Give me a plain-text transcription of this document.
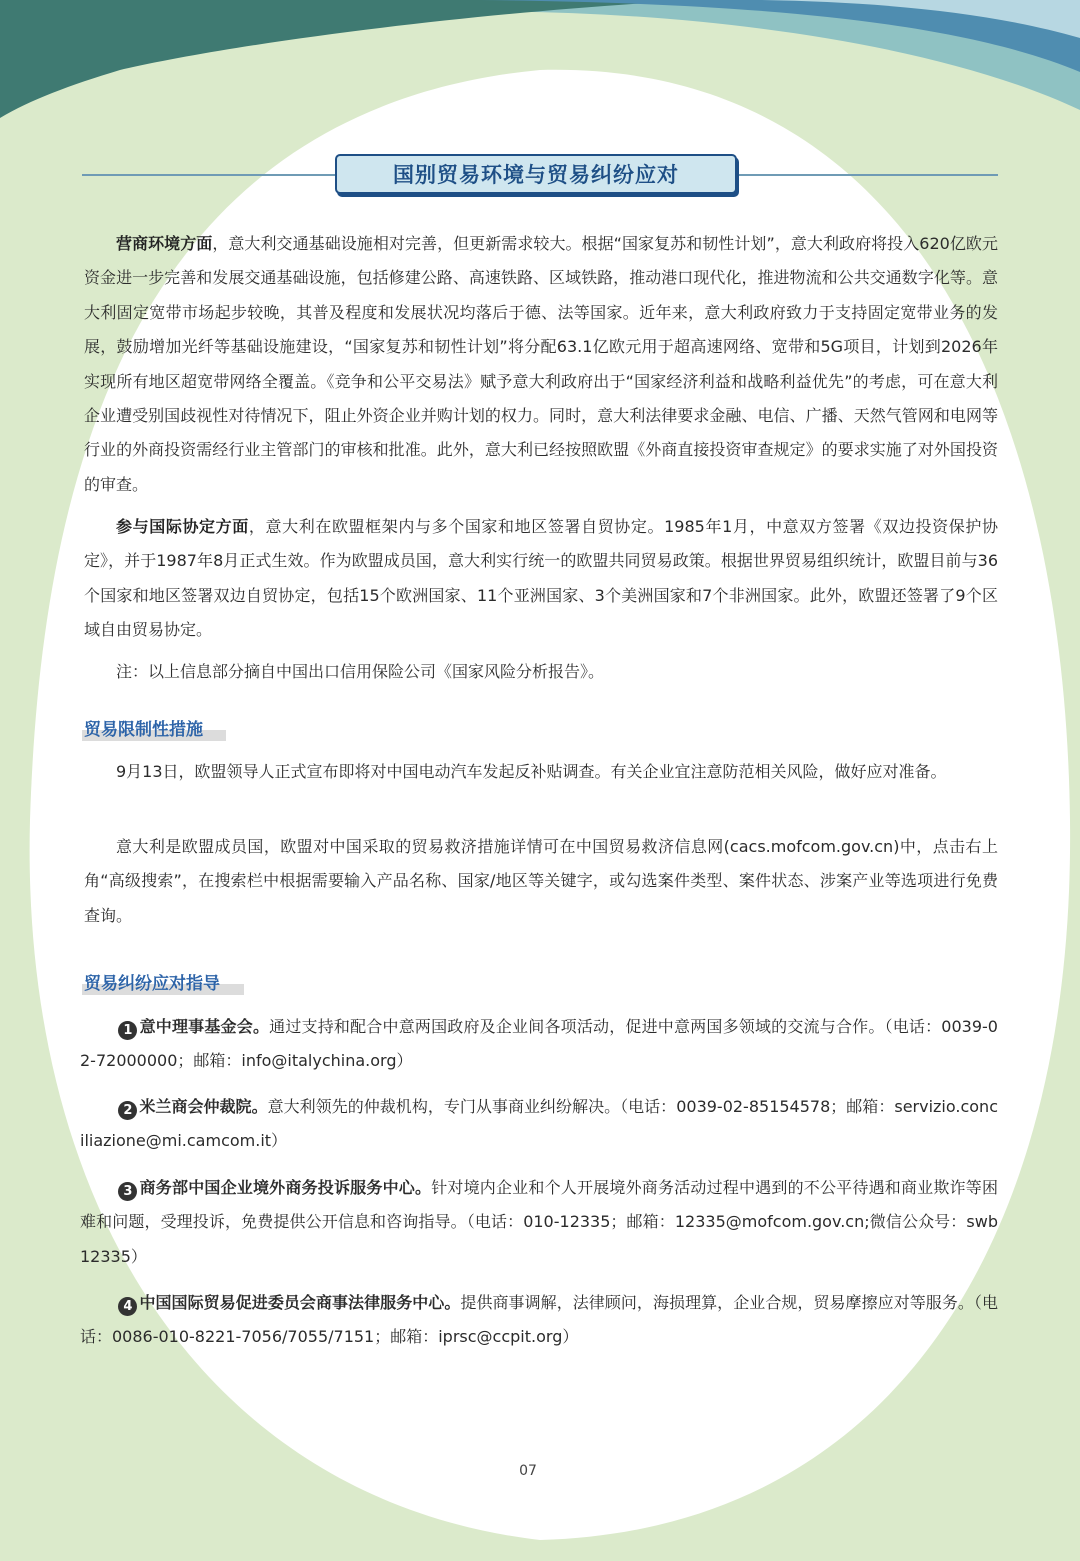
国别贸易环境与贸易纠纷应对

营商环境方面，意大利交通基础设施相对完善，但更新需求较大。根据“国家复苏和韧性计划”，意大利政府将投入620亿欧元资金进一步完善和发展交通基础设施，包括修建公路、高速铁路、区域铁路，推动港口现代化，推进物流和公共交通数字化等。意大利固定宽带市场起步较晚，其普及程度和发展状况均落后于德、法等国家。近年来，意大利政府致力于支持固定宽带业务的发展，鼓励增加光纤等基础设施建设，“国家复苏和韧性计划”将分配63.1亿欧元用于超高速网络、宽带和5G项目，计划到2026年实现所有地区超宽带网络全覆盖。《竞争和公平交易法》赋予意大利政府出于“国家经济利益和战略利益优先”的考虑，可在意大利企业遭受别国歧视性对待情况下，阻止外资企业并购计划的权力。同时，意大利法律要求金融、电信、广播、天然气管网和电网等行业的外商投资需经行业主管部门的审核和批准。此外，意大利已经按照欧盟《外商直接投资审查规定》的要求实施了对外国投资的审查。

参与国际协定方面，意大利在欧盟框架内与多个国家和地区签署自贸协定。1985年1月，中意双方签署《双边投资保护协定》，并于1987年8月正式生效。作为欧盟成员国，意大利实行统一的欧盟共同贸易政策。根据世界贸易组织统计，欧盟目前与36个国家和地区签署双边自贸协定，包括15个欧洲国家、11个亚洲国家、3个美洲国家和7个非洲国家。此外，欧盟还签署了9个区域自由贸易协定。

注：以上信息部分摘自中国出口信用保险公司《国家风险分析报告》。

贸易限制性措施

9月13日，欧盟领导人正式宣布即将对中国电动汽车发起反补贴调查。有关企业宜注意防范相关风险，做好应对准备。

意大利是欧盟成员国，欧盟对中国采取的贸易救济措施详情可在中国贸易救济信息网(cacs.mofcom.gov.cn)中，点击右上角“高级搜索”，在搜索栏中根据需要输入产品名称、国家/地区等关键字，或勾选案件类型、案件状态、涉案产业等选项进行免费查询。

贸易纠纷应对指导

1 意中理事基金会。通过支持和配合中意两国政府及企业间各项活动，促进中意两国多领域的交流与合作。（电话：0039-02-72000000；邮箱：info@italychina.org）

2 米兰商会仲裁院。意大利领先的仲裁机构，专门从事商业纠纷解决。（电话：0039-02-85154578；邮箱：servizio.conciliazione@mi.camcom.it）

3 商务部中国企业境外商务投诉服务中心。针对境内企业和个人开展境外商务活动过程中遇到的不公平待遇和商业欺诈等困难和问题，受理投诉，免费提供公开信息和咨询指导。（电话：010-12335；邮箱：12335@mofcom.gov.cn;微信公众号：swb12335）

4 中国国际贸易促进委员会商事法律服务中心。提供商事调解，法律顾问，海损理算，企业合规，贸易摩擦应对等服务。（电话：0086-010-8221-7056/7055/7151；邮箱：iprsc@ccpit.org）

07
